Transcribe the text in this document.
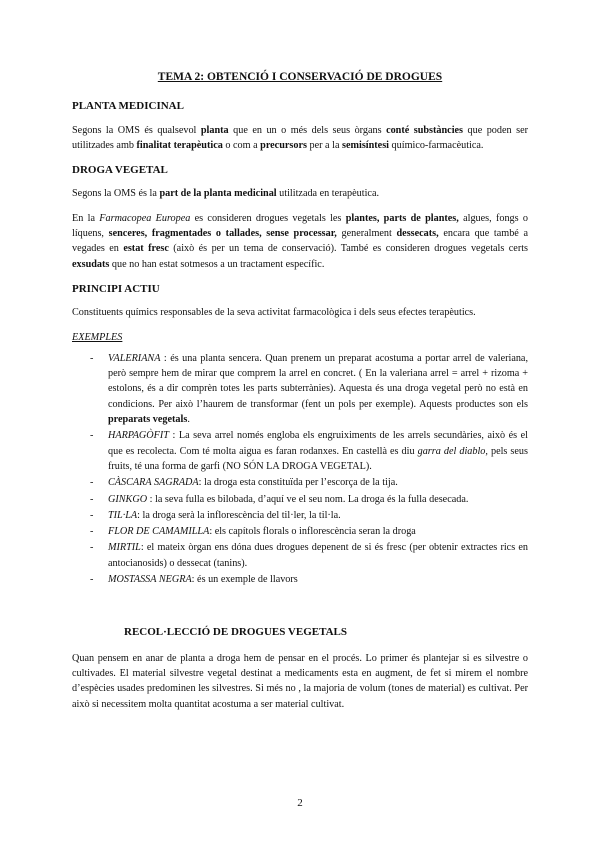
TEMA 2: OBTENCIÓ I CONSERVACIÓ DE DROGUES
PLANTA MEDICINAL

Segons la OMS és qualsevol planta que en un o més dels seus òrgans conté substàncies que poden ser utilitzades amb finalitat terapèutica o com a precursors per a la semisíntesi químico-farmacèutica.

DROGA VEGETAL

Segons la OMS és la part de la planta medicinal utilitzada en terapèutica.

En la Farmacopea Europea es consideren drogues vegetals les plantes, parts de plantes, algues, fongs o líquens, senceres, fragmentades o tallades, sense processar, generalment dessecats, encara que també a vegades en estat fresc (això és per un tema de conservació). També es consideren drogues vegetals certs exsudats que no han estat sotmesos a un tractament específic.

PRINCIPI ACTIU

Constituents químics responsables de la seva activitat farmacològica i dels seus efectes terapèutics.

EXEMPLES
- VALERIANA : és una planta sencera. Quan prenem un preparat acostuma a portar arrel de valeriana, però sempre hem de mirar que comprem la arrel en concret. ( En la valeriana arrel = arrel + rizoma + estolons, és a dir comprèn totes les parts subterrànies). Aquesta és una droga vegetal però no està en condicions. Per això l’haurem de transformar (fent un pols per exemple). Aquests productes son els preparats vegetals.
- HARPAGÒFIT : La seva arrel només engloba els engruiximents de les arrels secundàries, això és el que es recolecta. Com té molta aigua es faran rodanxes. En castellà es diu garra del diablo, pels seus fruits, té una forma de garfi (NO SÓN LA DROGA VEGETAL).
- CÀSCARA SAGRADA: la droga esta constituïda per l’escorça de la tija.
- GINKGO : la seva fulla es bilobada, d’aquí ve el seu nom. La droga és la fulla desecada.
- TIL·LA: la droga serà la inflorescència del til·ler, la til·la.
- FLOR DE CAMAMILLA: els capítols florals o inflorescència seran la droga
- MIRTIL: el mateix òrgan ens dóna dues drogues depenent de si és fresc (per obtenir extractes rics en antocianosids) o dessecat (tanins).
- MOSTASSA NEGRA: és un exemple de llavors
RECOL·LECCIÓ DE DROGUES VEGETALS

Quan pensem en anar de planta a droga hem de pensar en el procés. Lo primer és plantejar si es silvestre o cultivades. El material silvestre vegetal destinat a medicaments esta en augment, de fet si mirem el nombre d’espècies usades predominen les silvestres. Si més no , la majoria de volum (tones de material) es cultivat. Per això si necessitem molta quantitat acostuma a ser material cultivat.

2
